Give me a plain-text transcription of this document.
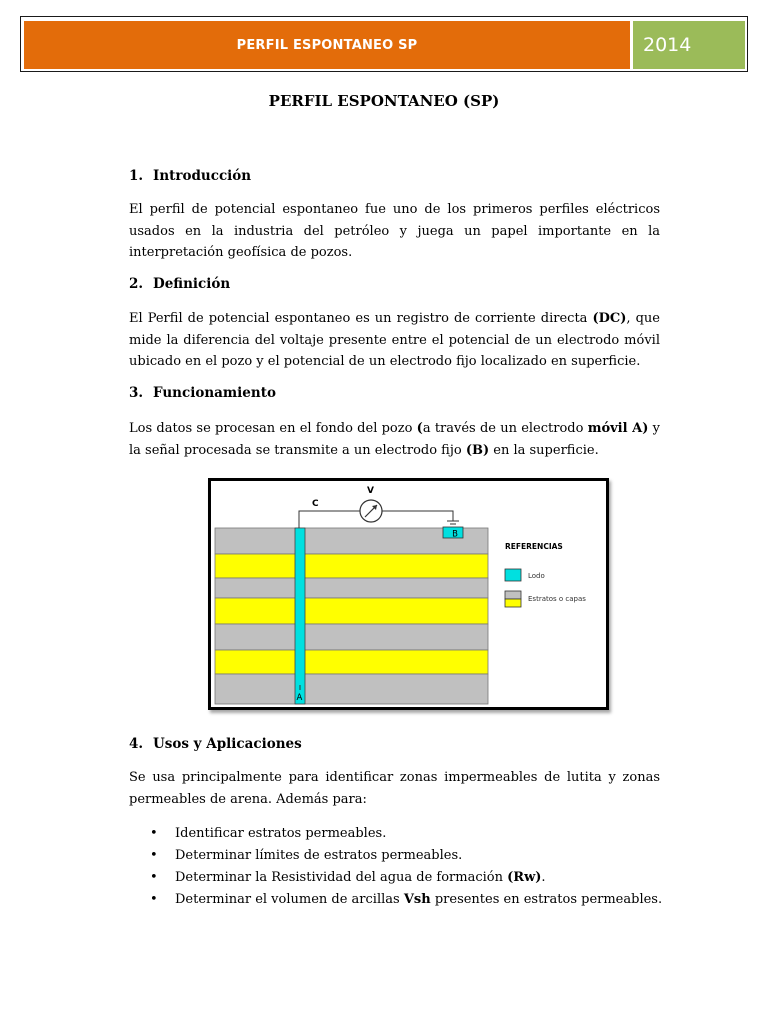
PERFIL ESPONTANEO SP	2014
PERFIL ESPONTANEO (SP)
1. Introducción
El perfil de potencial espontaneo fue uno de los primeros perfiles eléctricos usados en la industria del petróleo y juega un papel importante en la interpretación geofísica de pozos.
2. Definición
El Perfil de potencial espontaneo es un registro de corriente directa (DC), que mide la diferencia del voltaje presente entre el potencial de un electrodo móvil ubicado en el pozo y el potencial de un electrodo fijo localizado en superficie.
3. Funcionamiento
Los datos se procesan en el fondo del pozo (a través de un electrodo móvil A) y la señal procesada se transmite a un electrodo fijo (B) en la superficie.
B
C
V
A
REFERENCIAS
Lodo
Estratos o capas
4. Usos y Aplicaciones
Se usa principalmente para identificar zonas impermeables de lutita y zonas permeables de arena. Además para:
• Identificar estratos permeables.
• Determinar límites de estratos permeables.
• Determinar la Resistividad del agua de formación (Rw).
• Determinar el volumen de arcillas Vsh presentes en estratos permeables.
